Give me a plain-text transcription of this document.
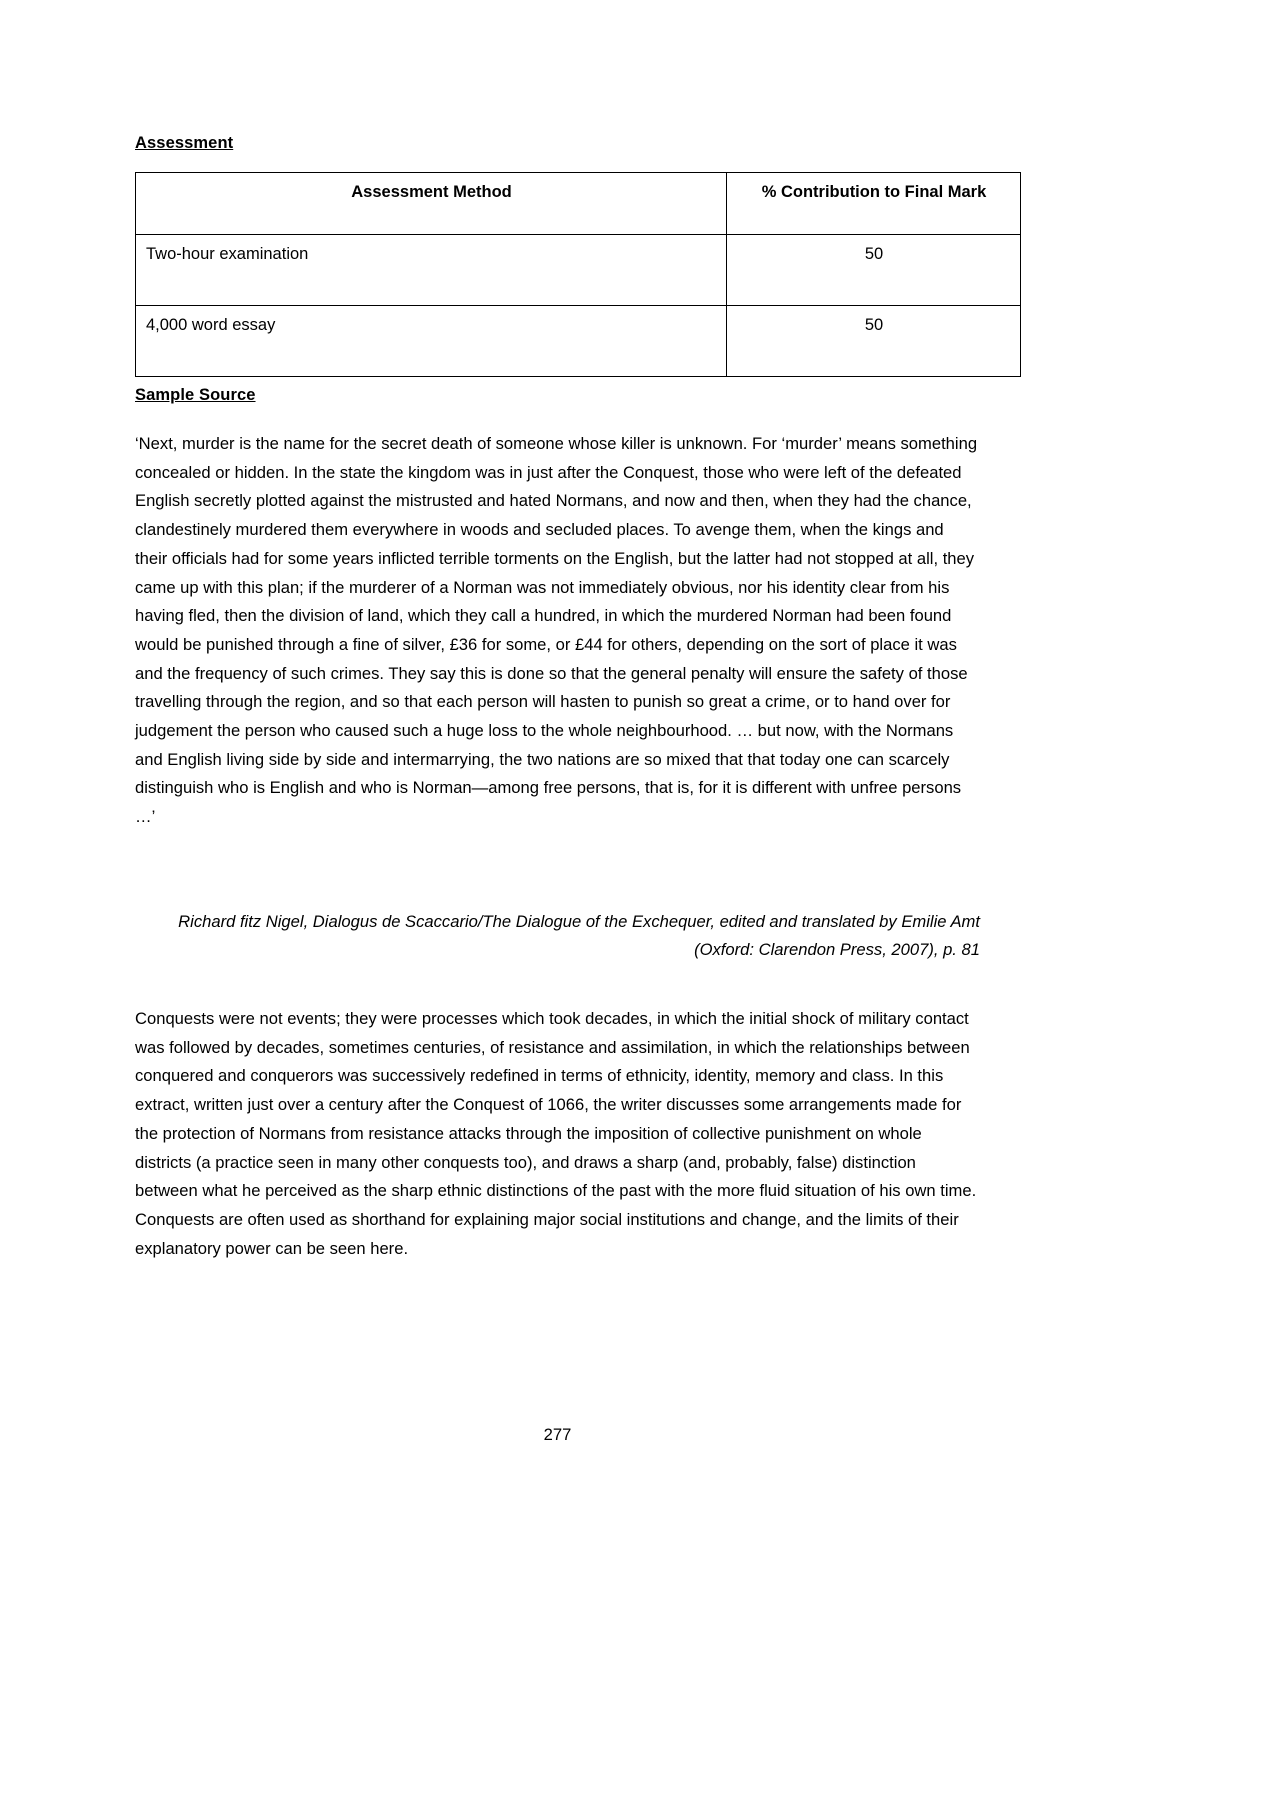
Assessment
Assessment Method	% Contribution to Final Mark
Two-hour examination	50
4,000 word essay	50
Sample Source

‘Next, murder is the name for the secret death of someone whose killer is unknown. For ‘murder’ means something concealed or hidden. In the state the kingdom was in just after the Conquest, those who were left of the defeated English secretly plotted against the mistrusted and hated Normans, and now and then, when they had the chance, clandestinely murdered them everywhere in woods and secluded places. To avenge them, when the kings and their officials had for some years inflicted terrible torments on the English, but the latter had not stopped at all, they came up with this plan; if the murderer of a Norman was not immediately obvious, nor his identity clear from his having fled, then the division of land, which they call a hundred, in which the murdered Norman had been found would be punished through a fine of silver, £36 for some, or £44 for others, depending on the sort of place it was and the frequency of such crimes. They say this is done so that the general penalty will ensure the safety of those travelling through the region, and so that each person will hasten to punish so great a crime, or to hand over for judgement the person who caused such a huge loss to the whole neighbourhood. … but now, with the Normans and English living side by side and intermarrying, the two nations are so mixed that that today one can scarcely distinguish who is English and who is Norman—among free persons, that is, for it is different with unfree persons …’

Richard fitz Nigel, Dialogus de Scaccario/The Dialogue of the Exchequer, edited and translated by Emilie Amt (Oxford: Clarendon Press, 2007), p. 81

Conquests were not events; they were processes which took decades, in which the initial shock of military contact was followed by decades, sometimes centuries, of resistance and assimilation, in which the relationships between conquered and conquerors was successively redefined in terms of ethnicity, identity, memory and class. In this extract, written just over a century after the Conquest of 1066, the writer discusses some arrangements made for the protection of Normans from resistance attacks through the imposition of collective punishment on whole districts (a practice seen in many other conquests too), and draws a sharp (and, probably, false) distinction between what he perceived as the sharp ethnic distinctions of the past with the more fluid situation of his own time. Conquests are often used as shorthand for explaining major social institutions and change, and the limits of their explanatory power can be seen here.

277
